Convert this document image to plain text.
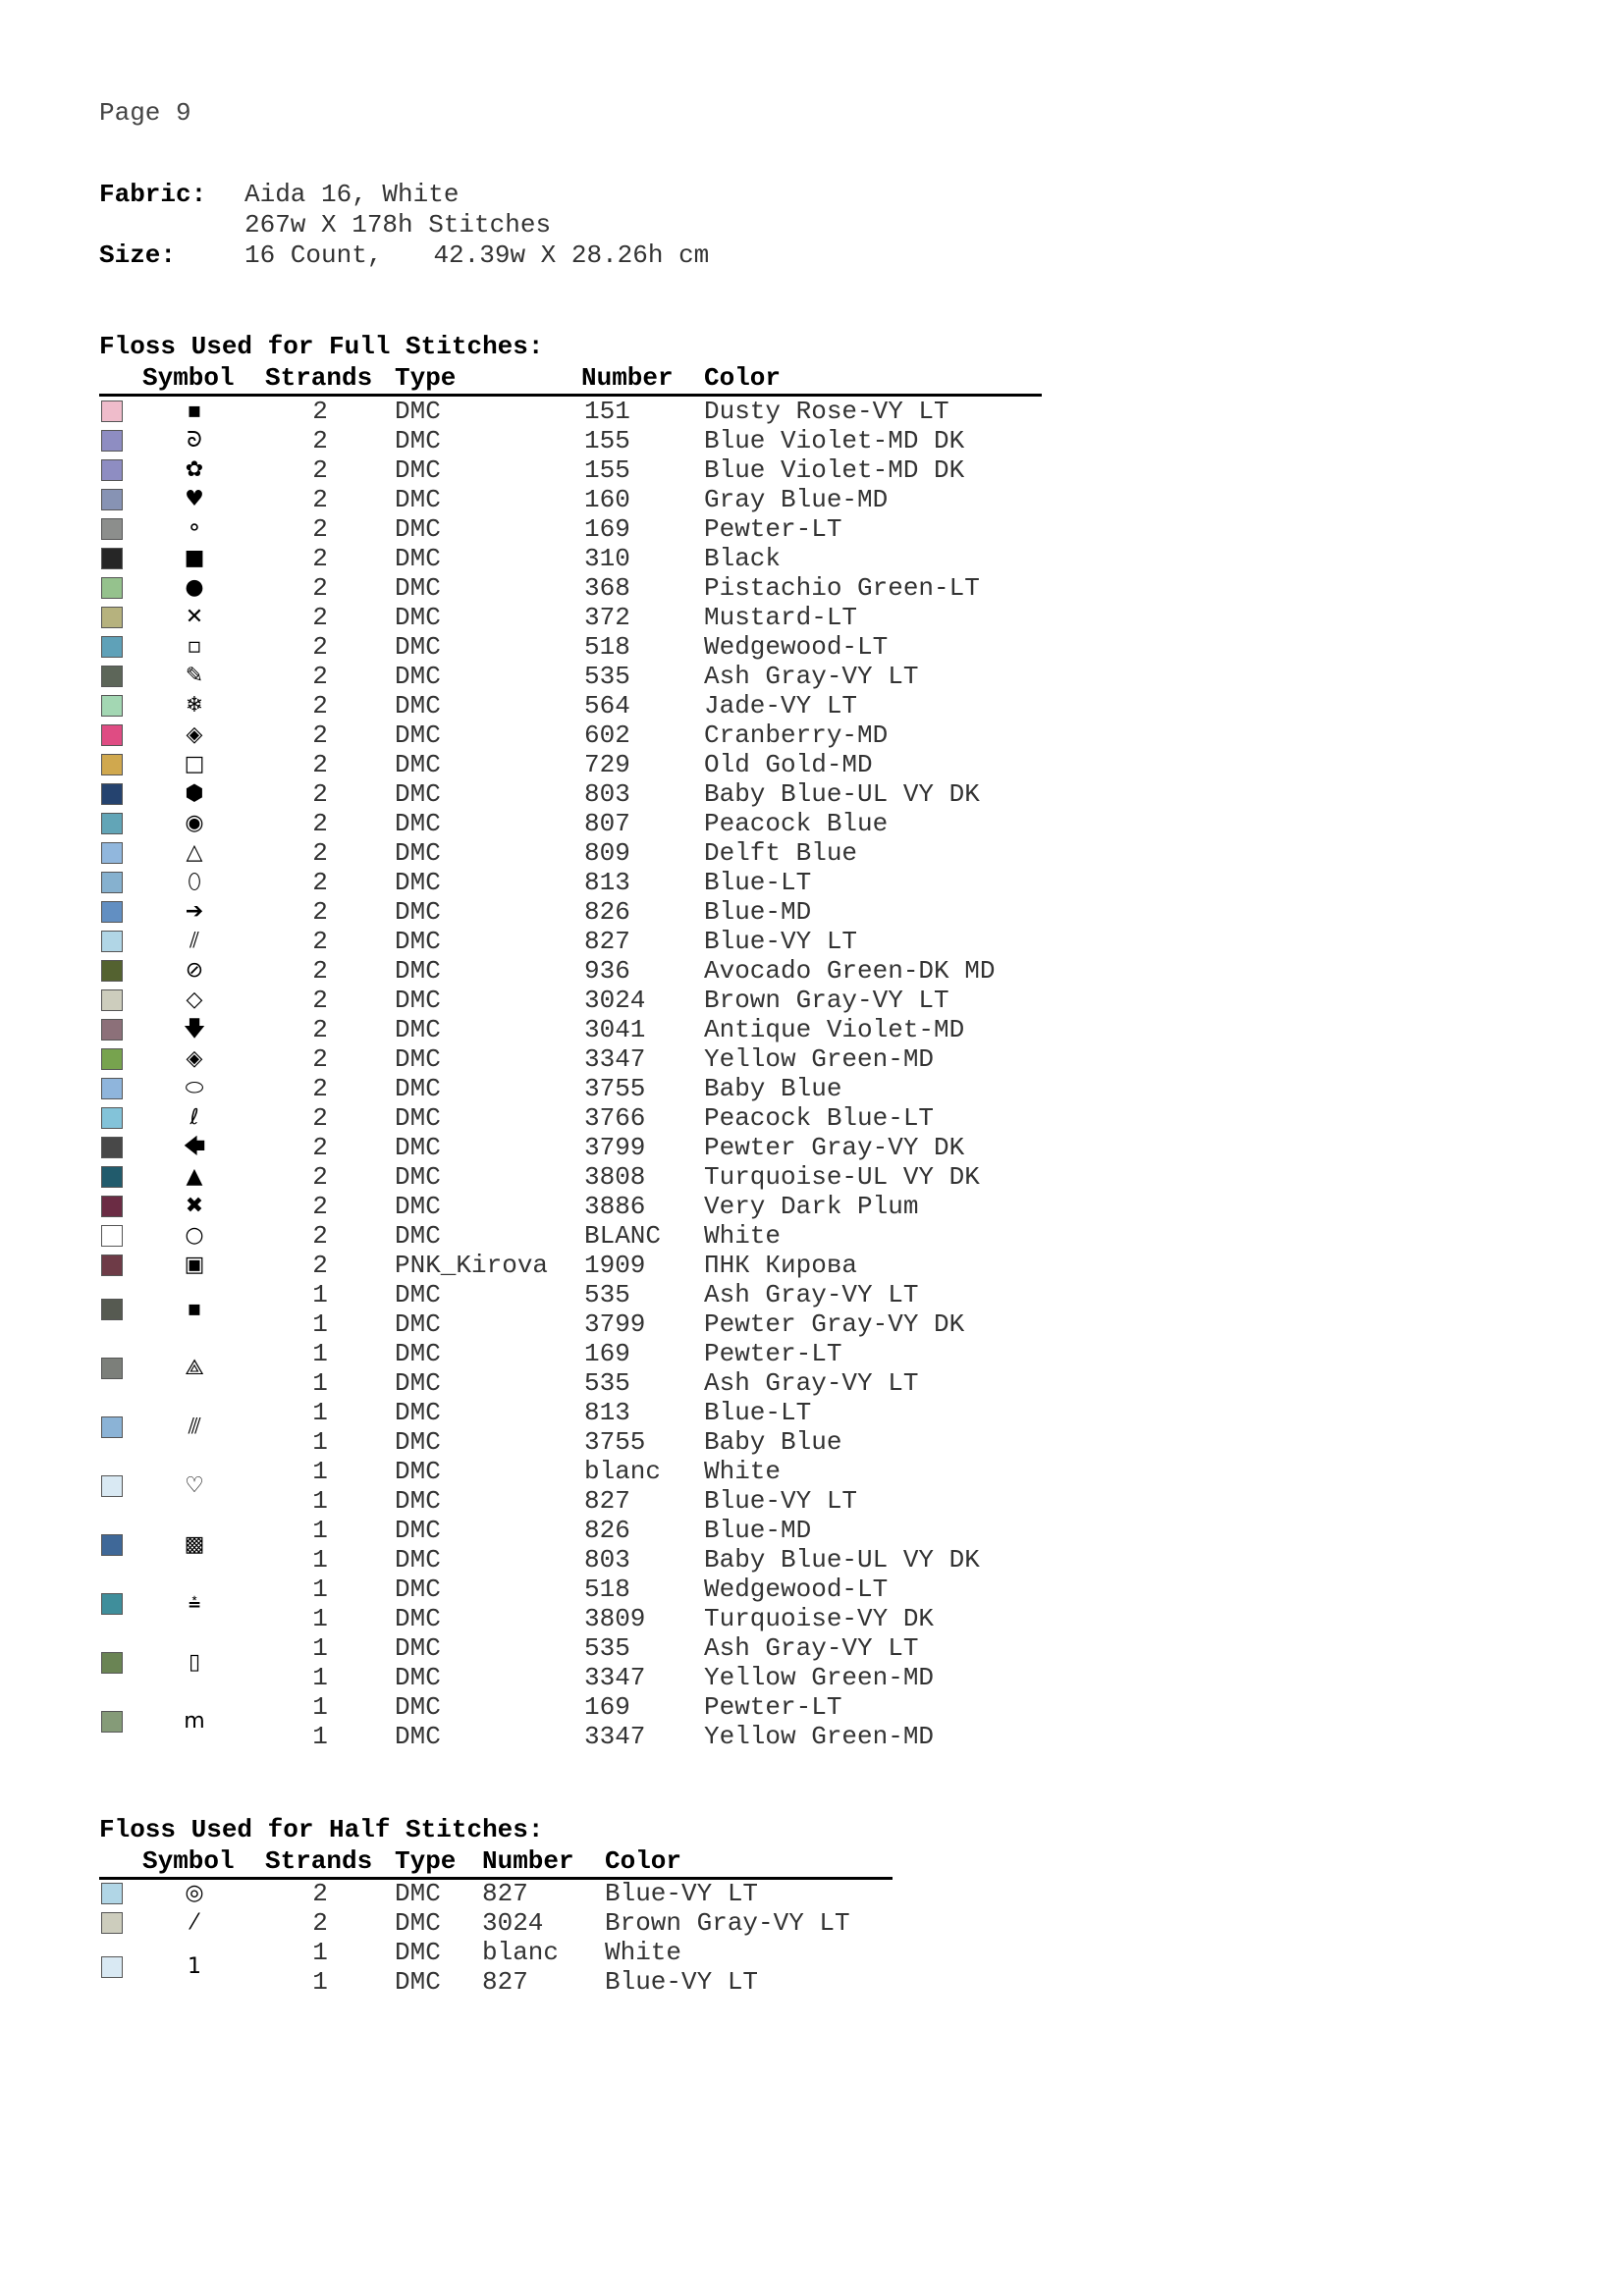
Page 9
Fabric:	Aida 16, White
267w X 178h Stitches
Size:	16 Count, 42.39w X 28.26h cm
Floss Used for Full Stitches:
Symbol Strands Type	Number Color
▪	2	DMC	151	Dusty Rose-VY LT
ᘐ	2	DMC	155	Blue Violet-MD DK
✿	2	DMC	155	Blue Violet-MD DK
♥	2	DMC	160	Gray Blue-MD
⚬	2	DMC	169	Pewter-LT
■	2	DMC	310	Black
●	2	DMC	368	Pistachio Green-LT
✕	2	DMC	372	Mustard-LT
▫	2	DMC	518	Wedgewood-LT
✎	2	DMC	535	Ash Gray-VY LT
❄	2	DMC	564	Jade-VY LT
◈	2	DMC	602	Cranberry-MD
□	2	DMC	729	Old Gold-MD
⬢	2	DMC	803	Baby Blue-UL VY DK
◉	2	DMC	807	Peacock Blue
△	2	DMC	809	Delft Blue
⬯	2	DMC	813	Blue-LT
➔	2	DMC	826	Blue-MD
⫽	2	DMC	827	Blue-VY LT
⊘	2	DMC	936	Avocado Green-DK MD
◇	2	DMC	3024 Brown Gray-VY LT
🡇	2	DMC	3041 Antique Violet-MD
◈	2	DMC	3347 Yellow Green-MD
⬭	2	DMC	3755 Baby Blue
ℓ	2	DMC	3766 Peacock Blue-LT
🡄	2	DMC	3799 Pewter Gray-VY DK
▲	2	DMC	3808 Turquoise-UL VY DK
✖	2	DMC	3886 Very Dark Plum
○	2	DMC	BLANC White
▣	2	PNK_Kirova 1909 ПНК Кирова
▪	1	DMC	535	Ash Gray-VY LT
1	DMC	3799 Pewter Gray-VY DK
⟁	1	DMC	169	Pewter-LT
1	DMC	535	Ash Gray-VY LT
⫻	1	DMC	813	Blue-LT
1	DMC	3755 Baby Blue
♡	1	DMC	blanc White
1	DMC	827	Blue-VY LT
▩	1	DMC	826	Blue-MD
1	DMC	803	Baby Blue-UL VY DK
⩮	1	DMC	518	Wedgewood-LT
1	DMC	3809 Turquoise-VY DK
▯	1	DMC	535	Ash Gray-VY LT
1	DMC	3347 Yellow Green-MD
m	1	DMC	169	Pewter-LT
1	DMC	3347 Yellow Green-MD
Floss Used for Half Stitches:
Symbol Strands Type Number Color
◎	2	DMC 827	Blue-VY LT
⁄	2	DMC 3024 Brown Gray-VY LT
1	1	DMC blanc White
1	DMC 827	Blue-VY LT
